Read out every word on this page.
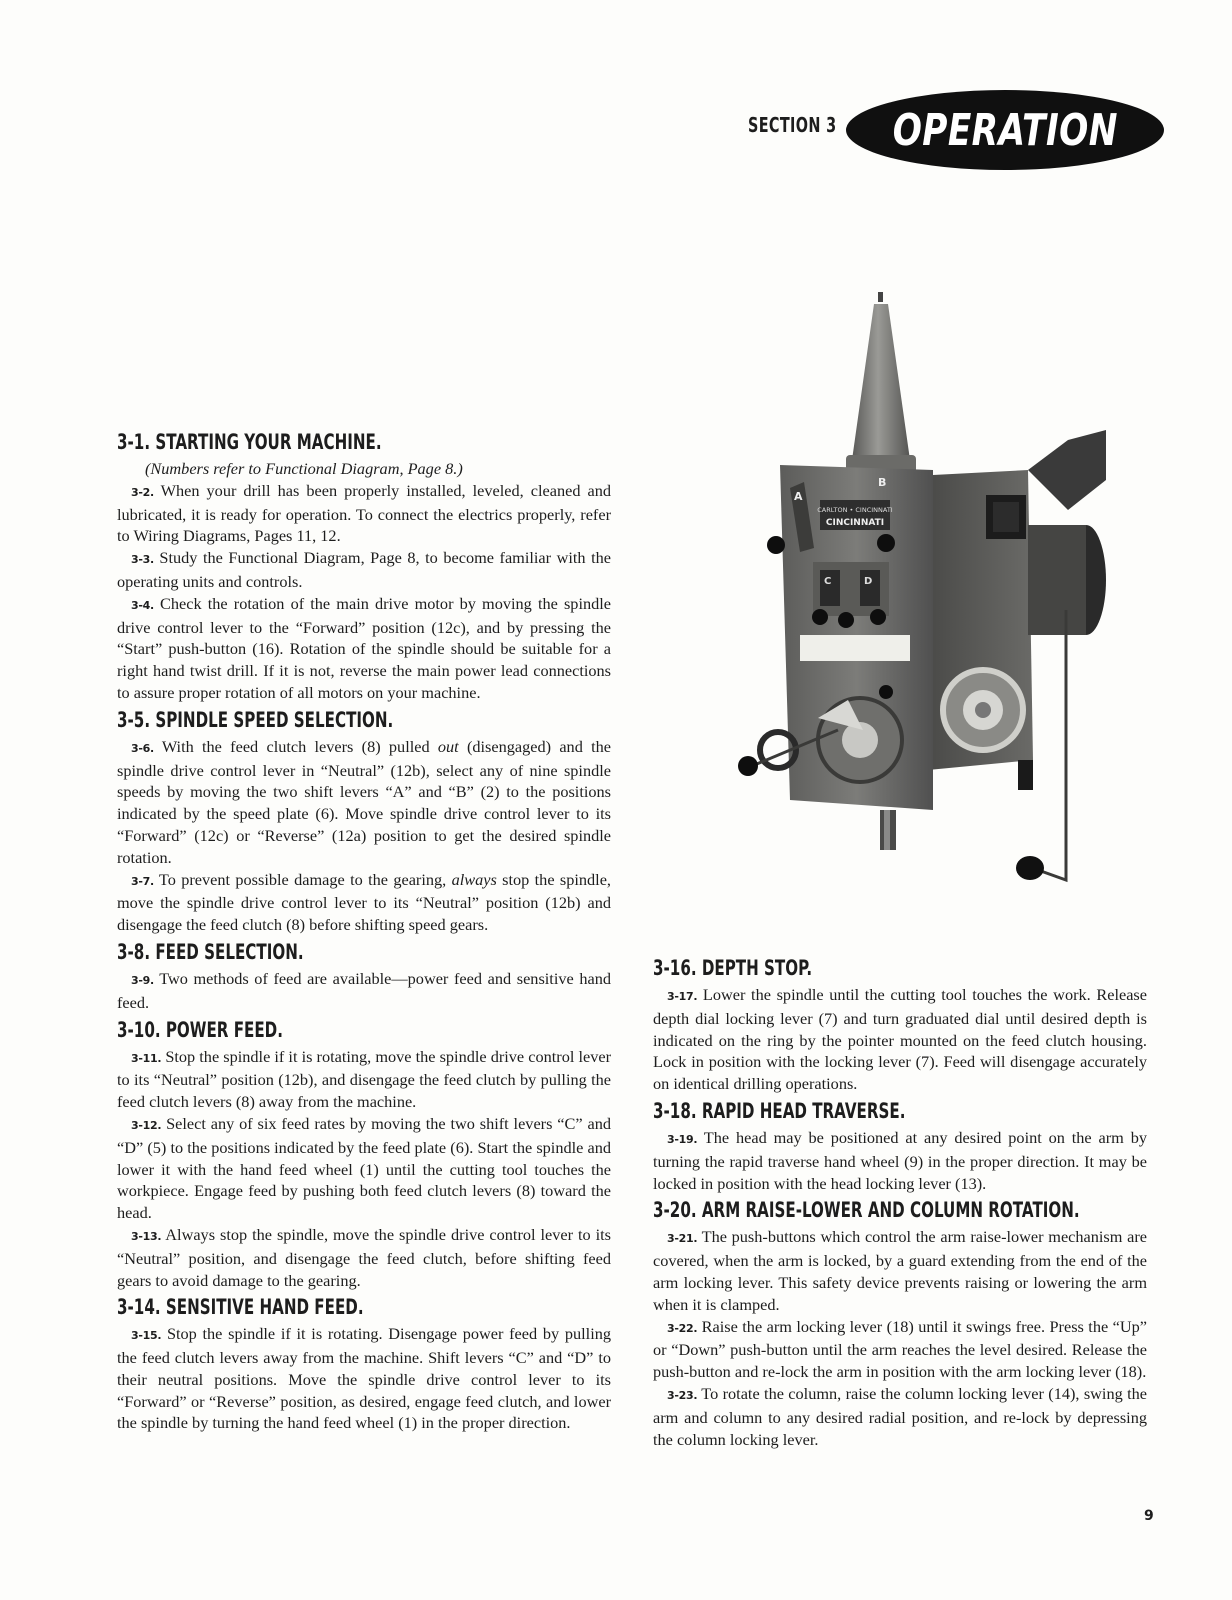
SECTION 3 OPERATION
CARLTON • CINCINNATI
CINCINNATI
A
B
C	D
3-1. STARTING YOUR MACHINE.

(Numbers refer to Functional Diagram, Page 8.)

3-2. When your drill has been properly installed, leveled, cleaned and lubricated, it is ready for operation. To connect the electrics properly, refer to Wiring Diagrams, Pages 11, 12.

3-3. Study the Functional Diagram, Page 8, to become familiar with the operating units and controls.

3-4. Check the rotation of the main drive motor by moving the spindle drive control lever to the “Forward” position (12c), and by pressing the “Start” push-button (16). Rotation of the spindle should be suitable for a right hand twist drill. If it is not, reverse the main power lead connections to assure proper rotation of all motors on your machine.

3-5. SPINDLE SPEED SELECTION.

3-6. With the feed clutch levers (8) pulled out (disengaged) and the spindle drive control lever in “Neutral” (12b), select any of nine spindle speeds by moving the two shift levers “A” and “B” (2) to the positions indicated by the speed plate (6). Move spindle drive control lever to its “Forward” (12c) or “Reverse” (12a) position to get the desired spindle rotation.

3-7. To prevent possible damage to the gearing, always stop the spindle, move the spindle drive control lever to its “Neutral” position (12b) and disengage the feed clutch (8) before shifting speed gears.

3-8. FEED SELECTION.

3-9. Two methods of feed are available—power feed and sensitive hand feed.

3-10. POWER FEED.

3-11. Stop the spindle if it is rotating, move the spindle drive control lever to its “Neutral” position (12b), and disengage the feed clutch by pulling the feed clutch levers (8) away from the machine.

3-12. Select any of six feed rates by moving the two shift levers “C” and “D” (5) to the positions indicated by the feed plate (6). Start the spindle and lower it with the hand feed wheel (1) until the cutting tool touches the workpiece. Engage feed by pushing both feed clutch levers (8) toward the head.

3-13. Always stop the spindle, move the spindle drive control lever to its “Neutral” position, and disengage the feed clutch, before shifting feed gears to avoid damage to the gearing.

3-14. SENSITIVE HAND FEED.

3-15. Stop the spindle if it is rotating. Disengage power feed by pulling the feed clutch levers away from the machine. Shift levers “C” and “D” to their neutral positions. Move the spindle drive control lever to its “Forward” or “Reverse” position, as desired, engage feed clutch, and lower the spindle by turning the hand feed wheel (1) in the proper direction.

3-16. DEPTH STOP.

3-17. Lower the spindle until the cutting tool touches the work. Release depth dial locking lever (7) and turn graduated dial until desired depth is indicated on the ring by the pointer mounted on the feed clutch housing. Lock in position with the locking lever (7). Feed will disengage accurately on identical drilling operations.

3-18. RAPID HEAD TRAVERSE.

3-19. The head may be positioned at any desired point on the arm by turning the rapid traverse hand wheel (9) in the proper direction. It may be locked in position with the head locking lever (13).

3-20. ARM RAISE-LOWER AND COLUMN ROTATION.

3-21. The push-buttons which control the arm raise-lower mechanism are covered, when the arm is locked, by a guard extending from the end of the arm locking lever. This safety device prevents raising or lowering the arm when it is clamped.

3-22. Raise the arm locking lever (18) until it swings free. Press the “Up” or “Down” push-button until the arm reaches the level desired. Release the push-button and re-lock the arm in position with the arm locking lever (18).

3-23. To rotate the column, raise the column locking lever (14), swing the arm and column to any desired radial position, and re-lock by depressing the column locking lever.

9
